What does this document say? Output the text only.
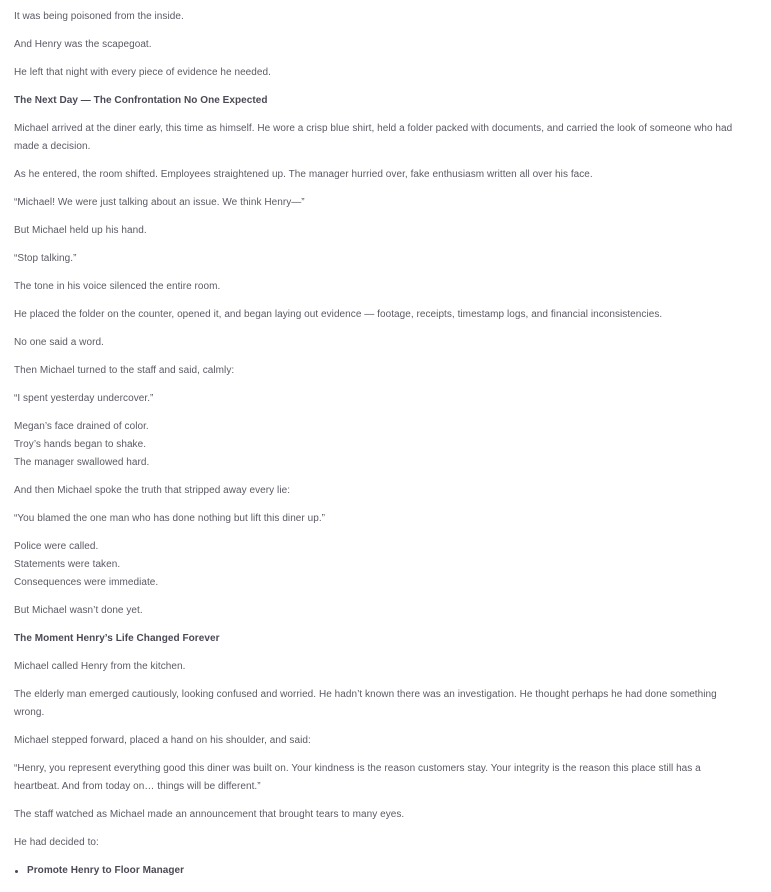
It was being poisoned from the inside.

And Henry was the scapegoat.

He left that night with every piece of evidence he needed.

The Next Day — The Confrontation No One Expected

Michael arrived at the diner early, this time as himself. He wore a crisp blue shirt, held a folder packed with documents, and carried the look of someone who had

made a decision.

As he entered, the room shifted. Employees straightened up. The manager hurried over, fake enthusiasm written all over his face.

“Michael! We were just talking about an issue. We think Henry—”

But Michael held up his hand.

“Stop talking.”

The tone in his voice silenced the entire room.

He placed the folder on the counter, opened it, and began laying out evidence — footage, receipts, timestamp logs, and financial inconsistencies.

No one said a word.

Then Michael turned to the staff and said, calmly:

“I spent yesterday undercover.”

Megan’s face drained of color.

Troy’s hands began to shake.

The manager swallowed hard.

And then Michael spoke the truth that stripped away every lie:

“You blamed the one man who has done nothing but lift this diner up.”

Police were called.

Statements were taken.

Consequences were immediate.

But Michael wasn’t done yet.

The Moment Henry’s Life Changed Forever

Michael called Henry from the kitchen.

The elderly man emerged cautiously, looking confused and worried. He hadn’t known there was an investigation. He thought perhaps he had done something

wrong.

Michael stepped forward, placed a hand on his shoulder, and said:

“Henry, you represent everything good this diner was built on. Your kindness is the reason customers stay. Your integrity is the reason this place still has a

heartbeat. And from today on… things will be different.”

The staff watched as Michael made an announcement that brought tears to many eyes.

He had decided to:

Promote Henry to Floor Manager
